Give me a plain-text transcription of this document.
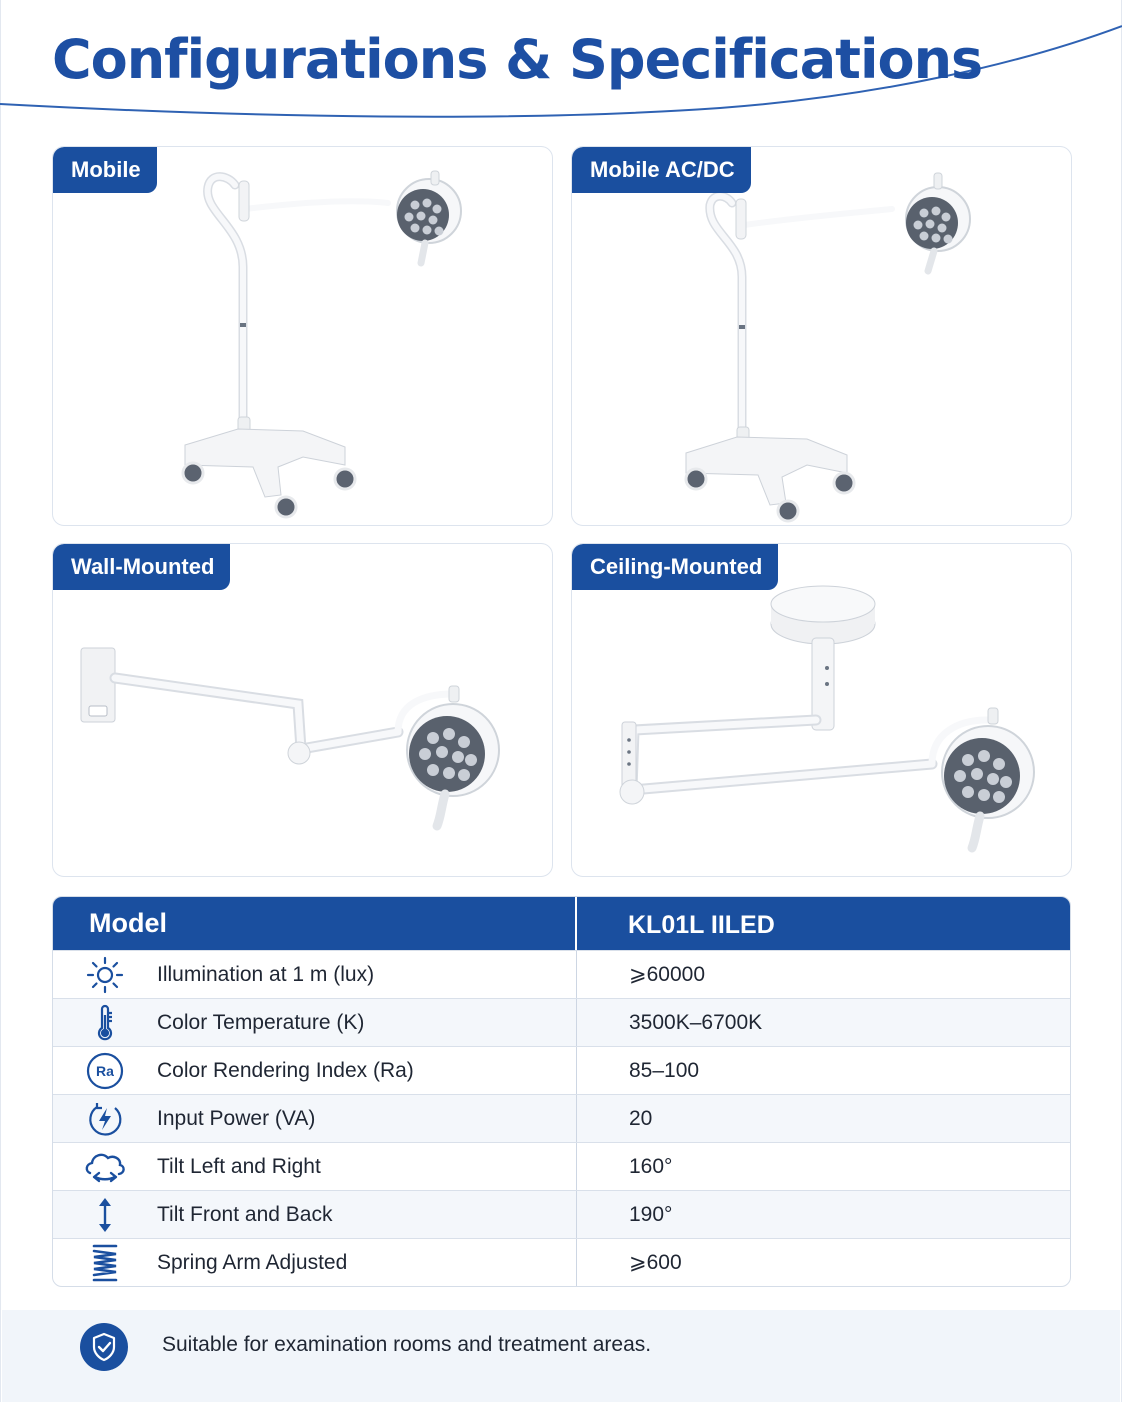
Configurations & Specifications
Mobile	Mobile AC/DC
Wall-Mounted	Ceiling-Mounted
Model	KL01L IILED
Illumination at 1 m (lux)	⩾60000
Color Temperature (K)	3500K–6700K
Ra Color Rendering Index (Ra)	85–100
Input Power (VA)	20
Tilt Left and Right	160°
Tilt Front and Back	190°
Spring Arm Adjusted	⩾600
Suitable for examination rooms and treatment areas.
